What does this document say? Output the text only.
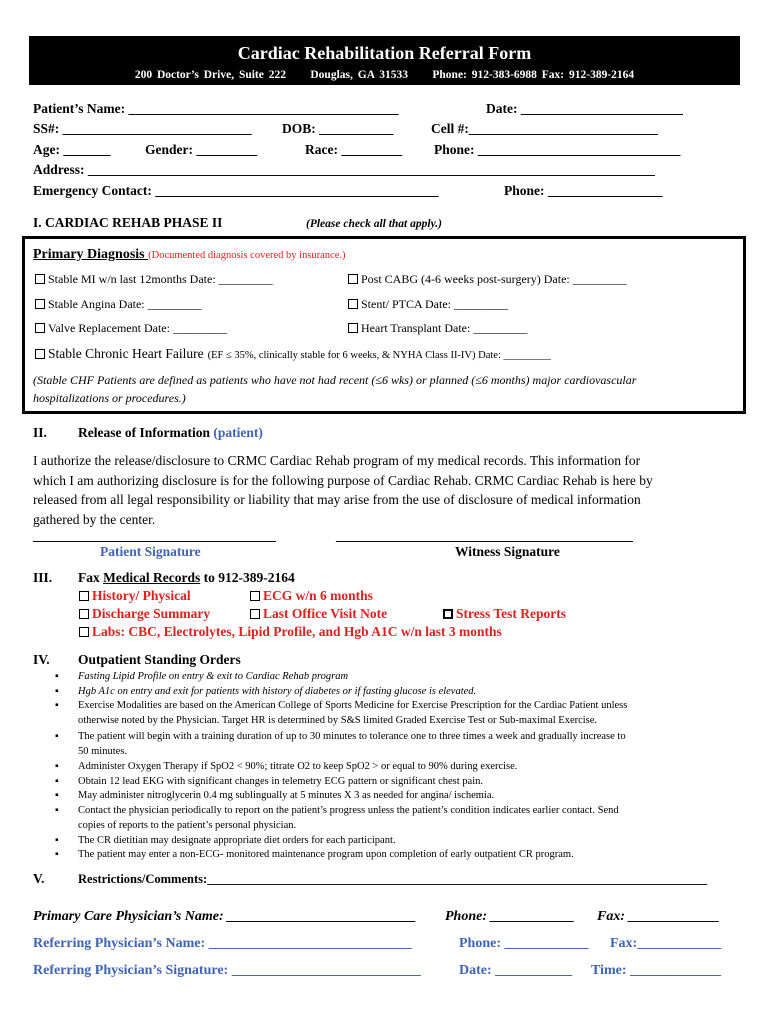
Cardiac Rehabilitation Referral Form
200 Doctor’s Drive, Suite 222 Douglas, GA 31533 Phone: 912-383-6988 Fax: 912-389-2164
Patient’s Name: ________________________________________	Date: ________________________
SS#: ____________________________ DOB: ___________	Cell #:____________________________
Age: _______	Gender: _________	Race: _________ Phone: ______________________________
Address: ____________________________________________________________________________________
Emergency Contact: __________________________________________	Phone: _________________
I. CARDIAC REHAB PHASE II	(Please check all that apply.)
Primary Diagnosis (Documented diagnosis covered by insurance.)
Stable MI w/n last 12months Date: _________	Post CABG (4-6 weeks post-surgery) Date: _________
Stable Angina Date: _________	Stent/ PTCA Date: _________
Valve Replacement Date: _________	Heart Transplant Date: _________
Stable Chronic Heart Failure (EF ≤ 35%, clinically stable for 6 weeks, & NYHA Class II-IV) Date: _________
(Stable CHF Patients are defined as patients who have not had recent (≤6 wks) or planned (≤6 months) major cardiovascular
hospitalizations or procedures.)
II. Release of Information (patient)
I authorize the release/disclosure to CRMC Cardiac Rehab program of my medical records. This information for
which I am authorizing disclosure is for the following purpose of Cardiac Rehab. CRMC Cardiac Rehab is here by
released from all legal responsibility or liability that may arise from the use of disclosure of medical information
gathered by the center.
____________________________________	____________________________________________
Patient Signature	Witness Signature
III. Fax Medical Records to 912-389-2164
History/ Physical	ECG w/n 6 months
Discharge Summary	Last Office Visit Note	Stress Test Reports
Labs: CBC, Electrolytes, Lipid Profile, and Hgb A1C w/n last 3 months
IV. Outpatient Standing Orders
▪ Fasting Lipid Profile on entry & exit to Cardiac Rehab program
▪ Hgb A1c on entry and exit for patients with history of diabetes or if fasting glucose is elevated.
▪ Exercise Modalities are based on the American College of Sports Medicine for Exercise Prescription for the Cardiac Patient unless
otherwise noted by the Physician. Target HR is determined by S&S limited Graded Exercise Test or Sub-maximal Exercise.
▪ The patient will begin with a training duration of up to 30 minutes to tolerance one to three times a week and gradually increase to
50 minutes.
▪ Administer Oxygen Therapy if SpO2 < 90%; titrate O2 to keep SpO2 > or equal to 90% during exercise.
▪ Obtain 12 lead EKG with significant changes in telemetry ECG pattern or significant chest pain.
▪ May administer nitroglycerin 0.4 mg sublingually at 5 minutes X 3 as needed for angina/ ischemia.
▪ Contact the physician periodically to report on the patient’s progress unless the patient’s condition indicates earlier contact. Send
copies of reports to the patient’s personal physician.
▪ The CR dietitian may designate appropriate diet orders for each participant.
▪ The patient may enter a non-ECG- monitored maintenance program upon completion of early outpatient CR program.
V.	Restrictions/Comments:________________________________________________________________________________
Primary Care Physician’s Name: ___________________________ Phone: ____________ Fax: _____________
Referring Physician’s Name: _____________________________	Phone: ____________ Fax:____________
Referring Physician’s Signature: ___________________________	Date: ___________ Time: _____________
